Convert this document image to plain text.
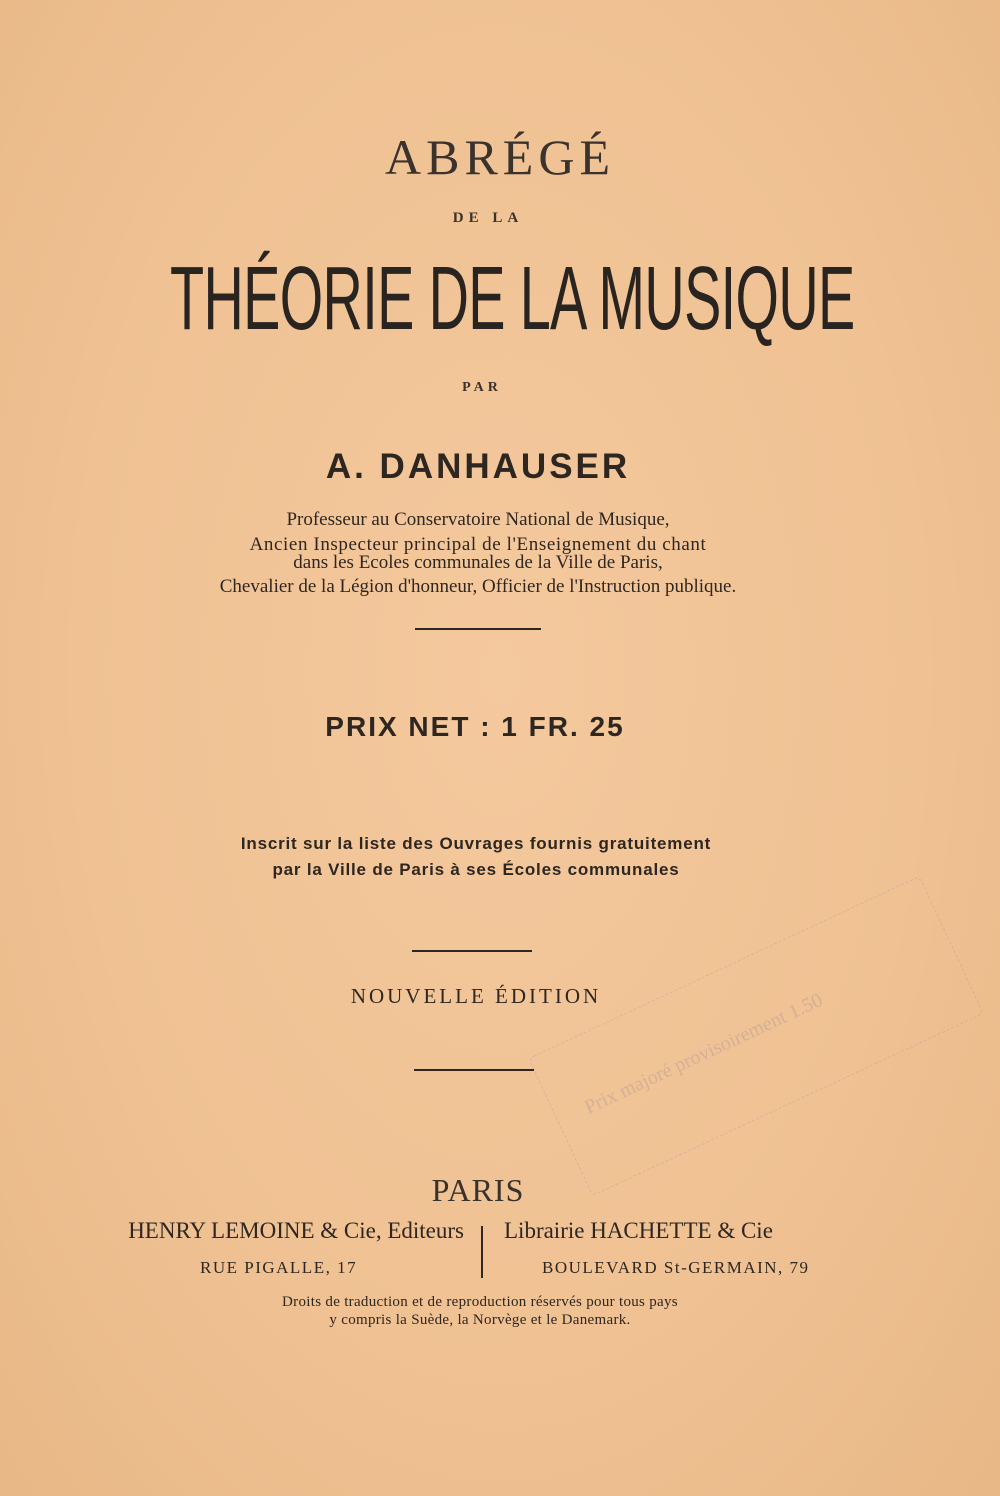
Prix majoré provisoirement 1.50
ABRÉGÉ
DE LA
THÉORIE DE LA MUSIQUE
PAR
A. DANHAUSER
Professeur au Conservatoire National de Musique,
Ancien Inspecteur principal de l'Enseignement du chant
dans les Ecoles communales de la Ville de Paris,
Chevalier de la Légion d'honneur, Officier de l'Instruction publique.
PRIX NET : 1 FR. 25
Inscrit sur la liste des Ouvrages fournis gratuitement
par la Ville de Paris à ses Écoles communales
NOUVELLE ÉDITION
PARIS
HENRY LEMOINE & Cie, Editeurs Librairie HACHETTE & Cie
RUE PIGALLE, 17	BOULEVARD St-GERMAIN, 79
Droits de traduction et de reproduction réservés pour tous pays
y compris la Suède, la Norvège et le Danemark.
